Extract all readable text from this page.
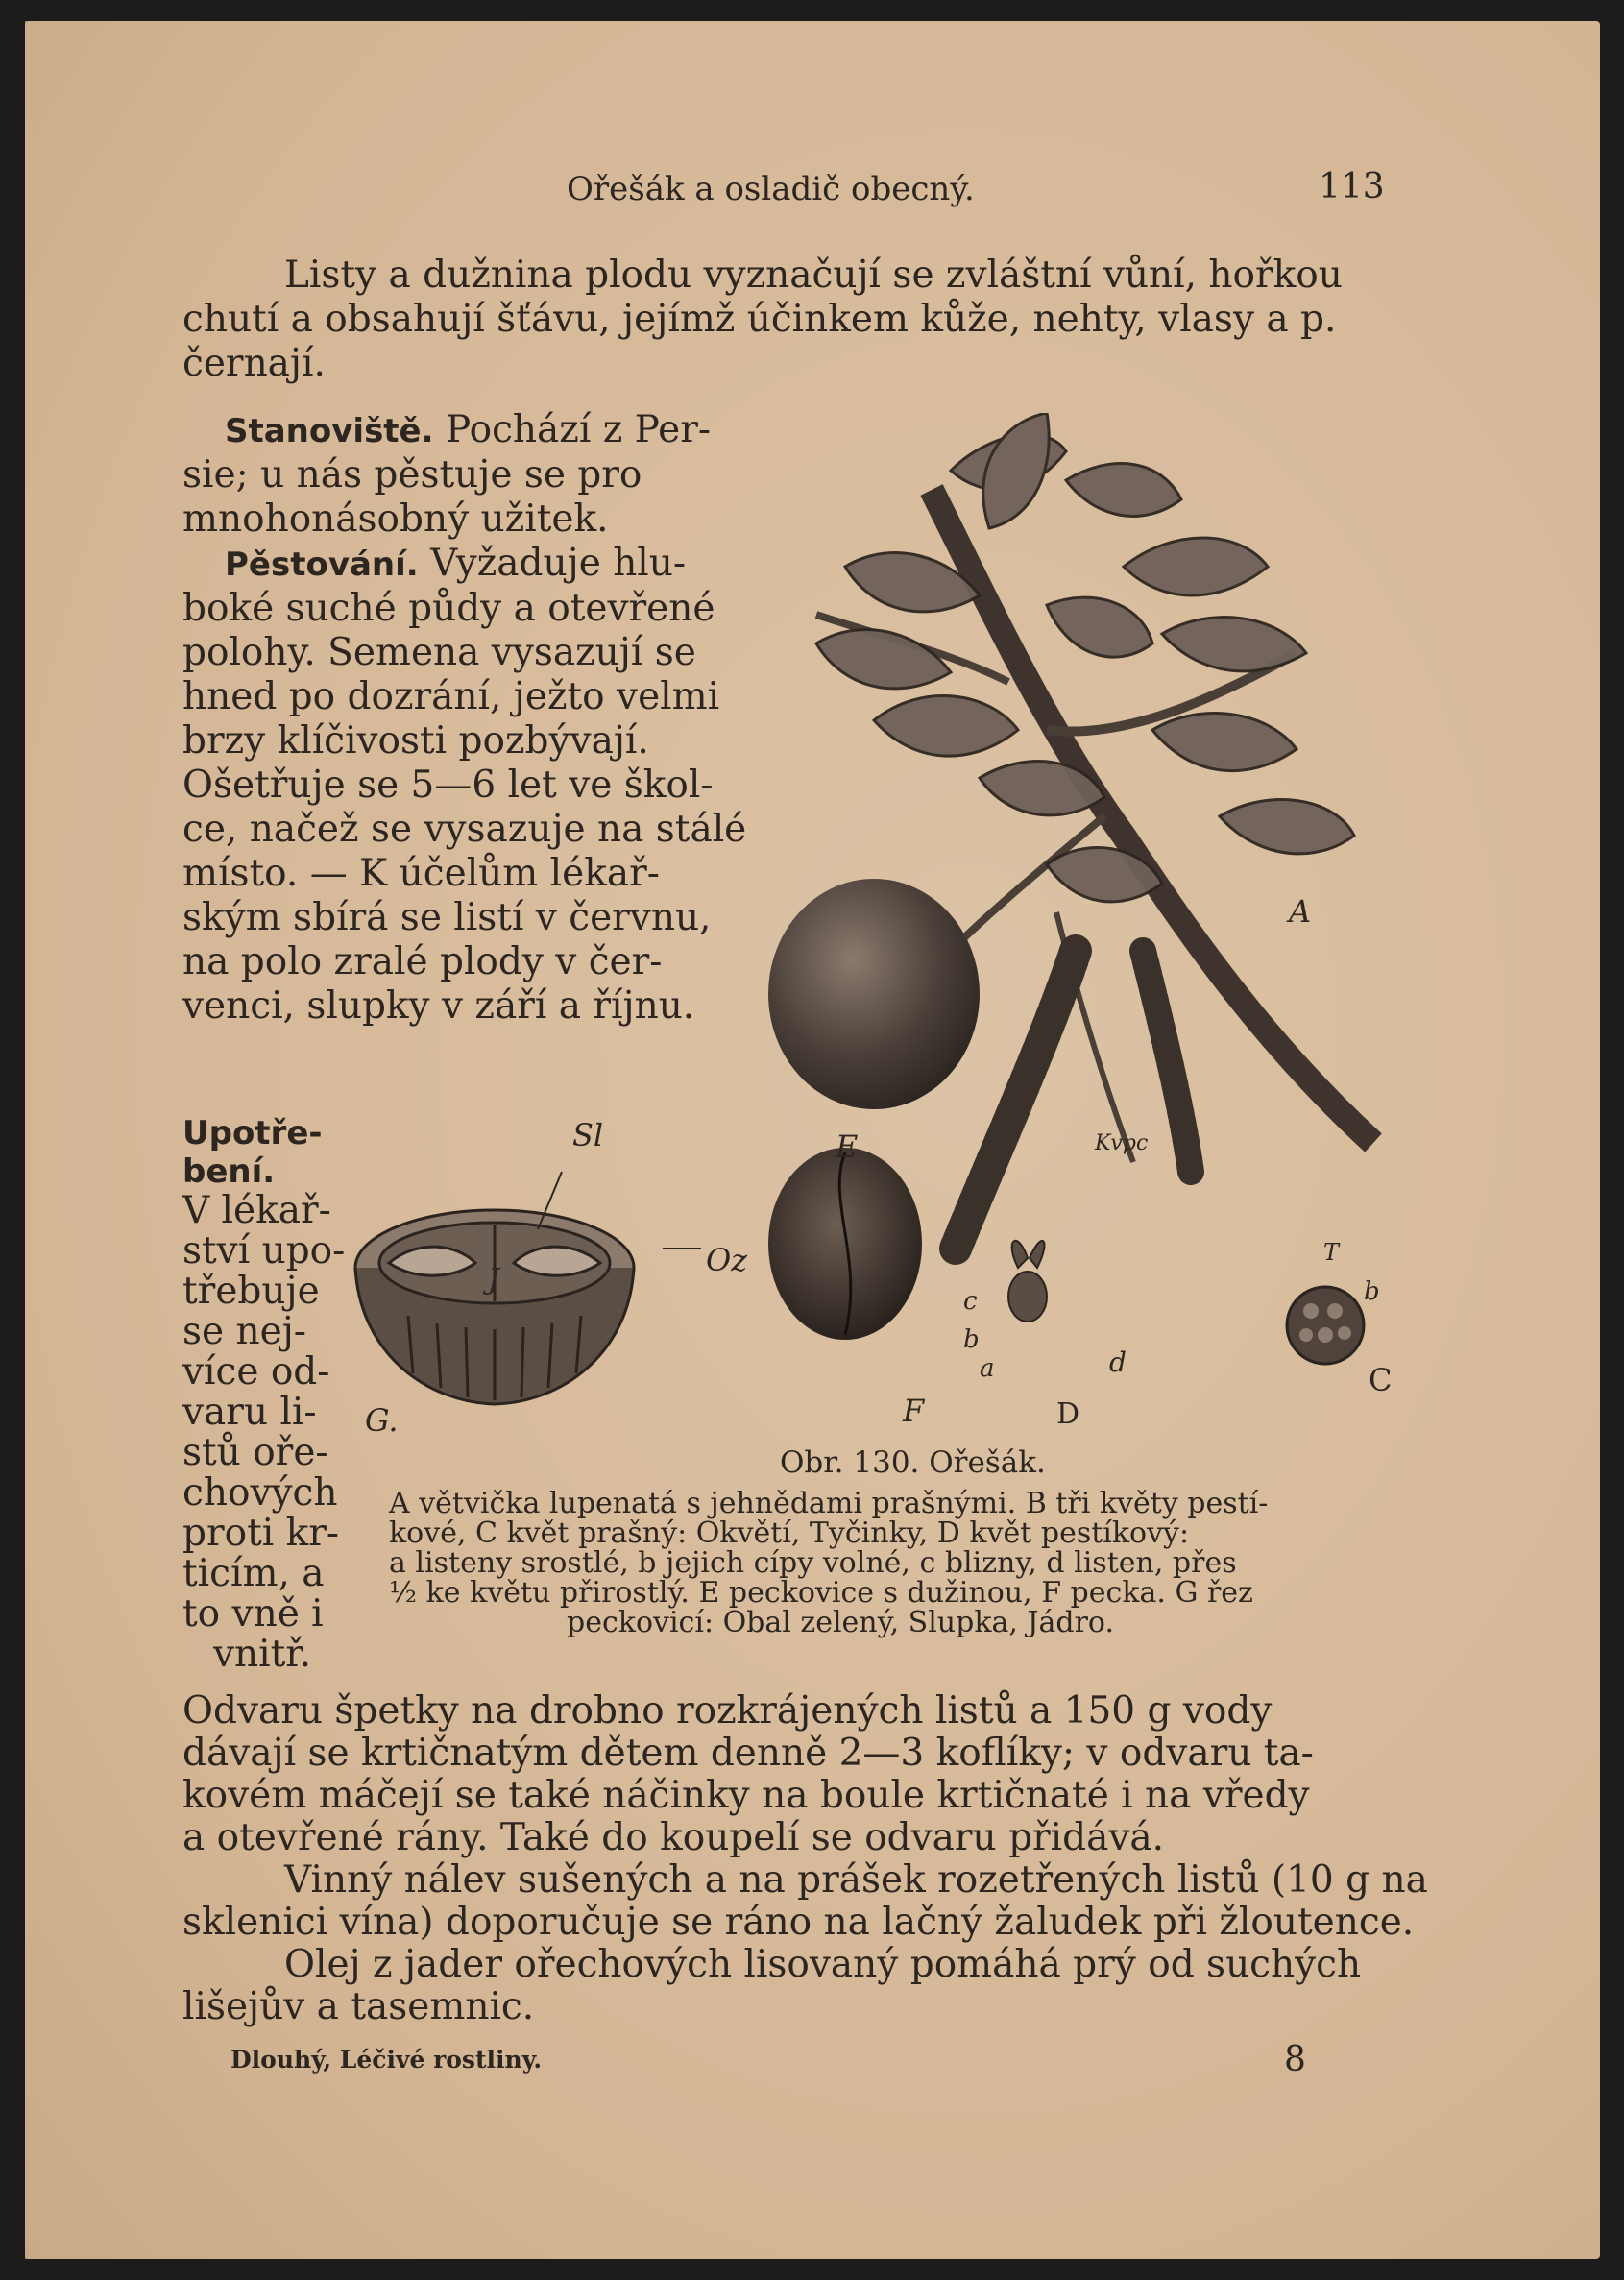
Ořešák a osladič obecný.	113
Listy a dužnina plodu vyznačují se zvláštní vůní, hořkou
chutí a obsahují šťávu, jejímž účinkem kůže, nehty, vlasy a p.
černají.
Stanoviště. Pochází z Per-
sie; u nás pěstuje se pro
mnohonásobný užitek.
Pěstování. Vyžaduje hlu-
boké suché půdy a otevřené
polohy. Semena vysazují se
hned po dozrání, ježto velmi
brzy klíčivosti pozbývají.
Ošetřuje se 5—6 let ve škol-
ce, načež se vysazuje na stálé
místo. — K účelům lékař-
ským sbírá se listí v červnu,
na polo zralé plody v čer-
venci, slupky v září a říjnu.
Upotře-
bení.
V lékař-
ství upo-
třebuje
se nej-
více od-
varu li-
stů oře-
chových
proti kr-
ticím, a
to vně i
vnitř.
A
E	Kvpc
T
b
C
c
b
a	d
D
F
Sl
Oz
J
G.
Obr. 130. Ořešák.
A větvička lupenatá s jehnědami prašnými. B tři květy pestí-
kové, C květ prašný: Okvětí, Tyčinky, D květ pestíkový:
a listeny srostlé, b jejich cípy volné, c blizny, d listen, přes
½ ke květu přirostlý. E peckovice s dužinou, F pecka. G řez
peckovicí: Obal zelený, Slupka, Jádro.
Odvaru špetky na drobno rozkrájených listů a 150 g vody
dávají se krtičnatým dětem denně 2—3 koflíky; v odvaru ta-
kovém máčejí se také náčinky na boule krtičnaté i na vředy
a otevřené rány. Také do koupelí se odvaru přidává.
Vinný nálev sušených a na prášek rozetřených listů (10 g na
sklenici vína) doporučuje se ráno na lačný žaludek při žloutence.
Olej z jader ořechových lisovaný pomáhá prý od suchých
lišejův a tasemnic.
Dlouhý, Léčivé rostliny.	8
